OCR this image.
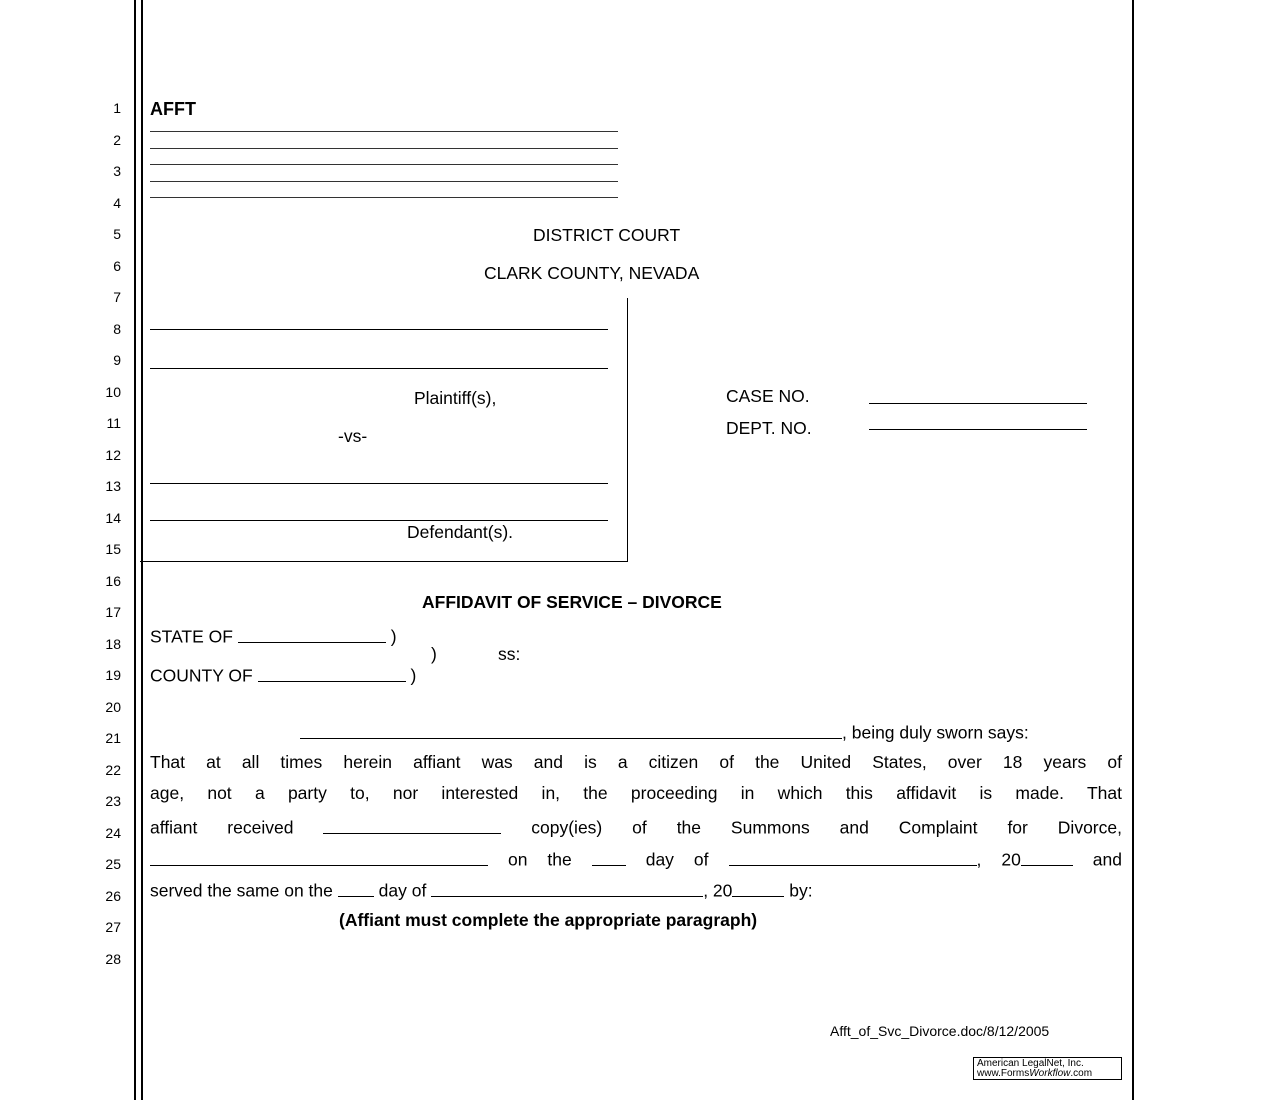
1
2
3
4
5
6
7
8
9
10
11
12
13
14
15
16
17
18
19
20
21
22
23
24
25
26
27
28
AFFT
DISTRICT COURT
CLARK COUNTY, NEVADA
Plaintiff(s),
-vs-
Defendant(s).
CASE NO.
DEPT. NO.
AFFIDAVIT OF SERVICE – DIVORCE
STATE OF	)
)	ss:
COUNTY OF	)
, being duly sworn says:
That at all times herein affiant was and is a citizen of the United States, over 18 years of
age, not a party to, nor interested in, the proceeding in which this affidavit is made. That
affiant received	copy(ies) of the Summons and Complaint for Divorce,
on the	day of	, 20	and
served the same on the	day of	, 20	by:
(Affiant must complete the appropriate paragraph)
Afft_of_Svc_Divorce.doc/8/12/2005
American LegalNet, Inc.
www.FormsWorkflow.com
